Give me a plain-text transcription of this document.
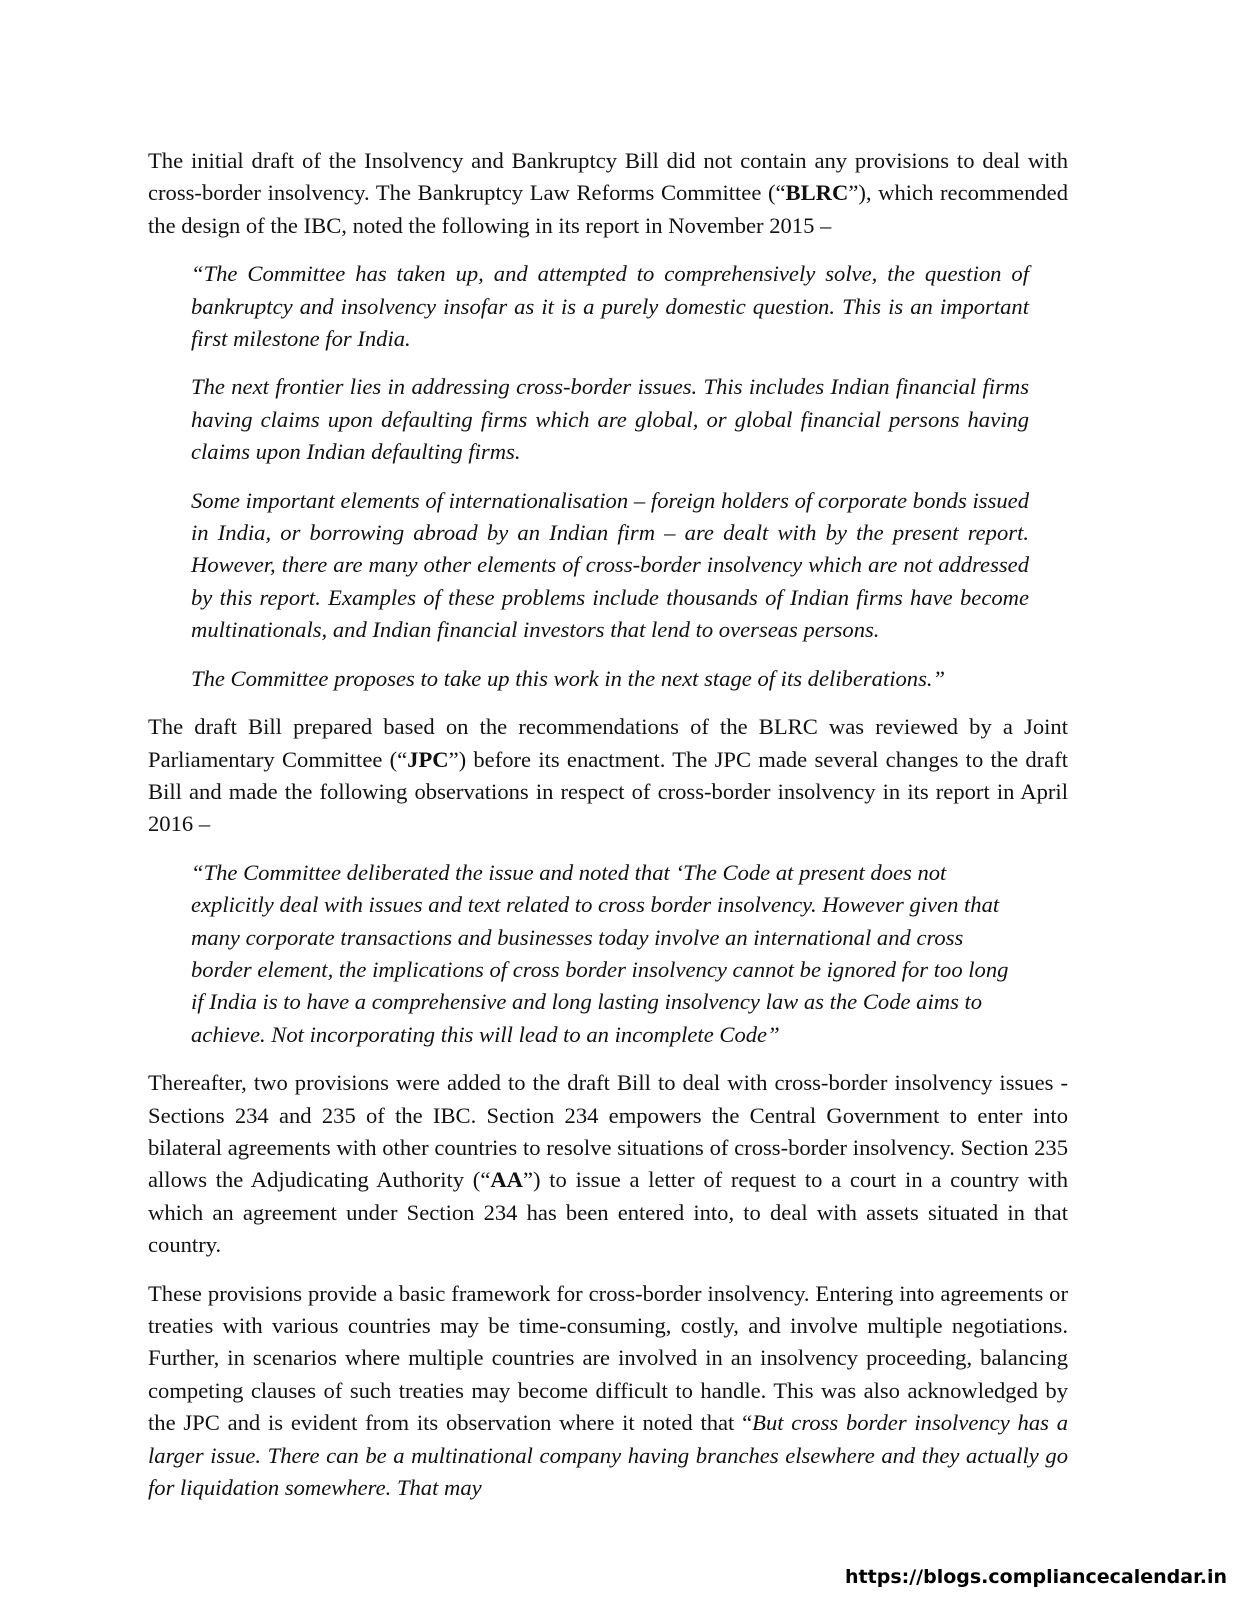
The initial draft of the Insolvency and Bankruptcy Bill did not contain any provisions to deal with cross-border insolvency. The Bankruptcy Law Reforms Committee (“BLRC”), which recommended the design of the IBC, noted the following in its report in November 2015 –

“The Committee has taken up, and attempted to comprehensively solve, the question of bankruptcy and insolvency insofar as it is a purely domestic question. This is an important first milestone for India.

The next frontier lies in addressing cross-border issues. This includes Indian financial firms having claims upon defaulting firms which are global, or global financial persons having claims upon Indian defaulting firms.

Some important elements of internationalisation – foreign holders of corporate bonds issued in India, or borrowing abroad by an Indian firm – are dealt with by the present report. However, there are many other elements of cross-border insolvency which are not addressed by this report. Examples of these problems include thousands of Indian firms have become multinationals, and Indian financial investors that lend to overseas persons.

The Committee proposes to take up this work in the next stage of its deliberations.”

The draft Bill prepared based on the recommendations of the BLRC was reviewed by a Joint Parliamentary Committee (“JPC”) before its enactment. The JPC made several changes to the draft Bill and made the following observations in respect of cross-border insolvency in its report in April 2016 –

“The Committee deliberated the issue and noted that ‘The Code at present does not explicitly deal with issues and text related to cross border insolvency. However given that many corporate transactions and businesses today involve an international and cross border element, the implications of cross border insolvency cannot be ignored for too long if India is to have a comprehensive and long lasting insolvency law as the Code aims to achieve. Not incorporating this will lead to an incomplete Code”

Thereafter, two provisions were added to the draft Bill to deal with cross-border insolvency issues - Sections 234 and 235 of the IBC. Section 234 empowers the Central Government to enter into bilateral agreements with other countries to resolve situations of cross-border insolvency. Section 235 allows the Adjudicating Authority (“AA”) to issue a letter of request to a court in a country with which an agreement under Section 234 has been entered into, to deal with assets situated in that country.

These provisions provide a basic framework for cross-border insolvency. Entering into agreements or treaties with various countries may be time-consuming, costly, and involve multiple negotiations. Further, in scenarios where multiple countries are involved in an insolvency proceeding, balancing competing clauses of such treaties may become difficult to handle. This was also acknowledged by the JPC and is evident from its observation where it noted that “But cross border insolvency has a larger issue. There can be a multinational company having branches elsewhere and they actually go for liquidation somewhere. That may

https://blogs.compliancecalendar.in
